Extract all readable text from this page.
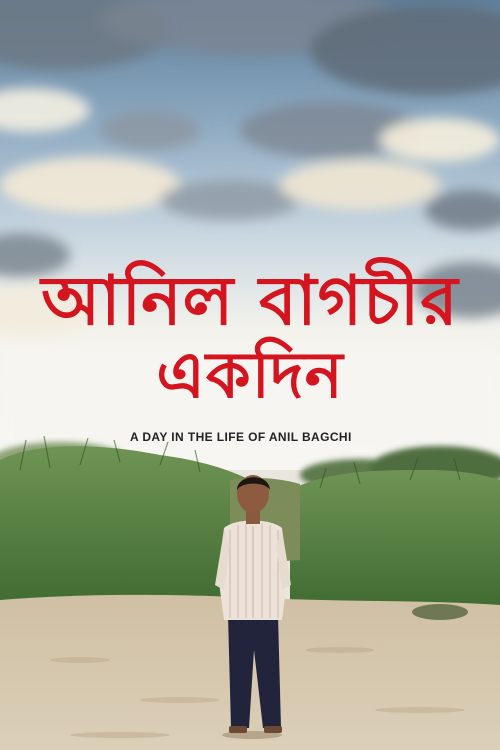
আনিল বাগচীর
একদিন
A DAY IN THE LIFE OF ANIL BAGCHI
